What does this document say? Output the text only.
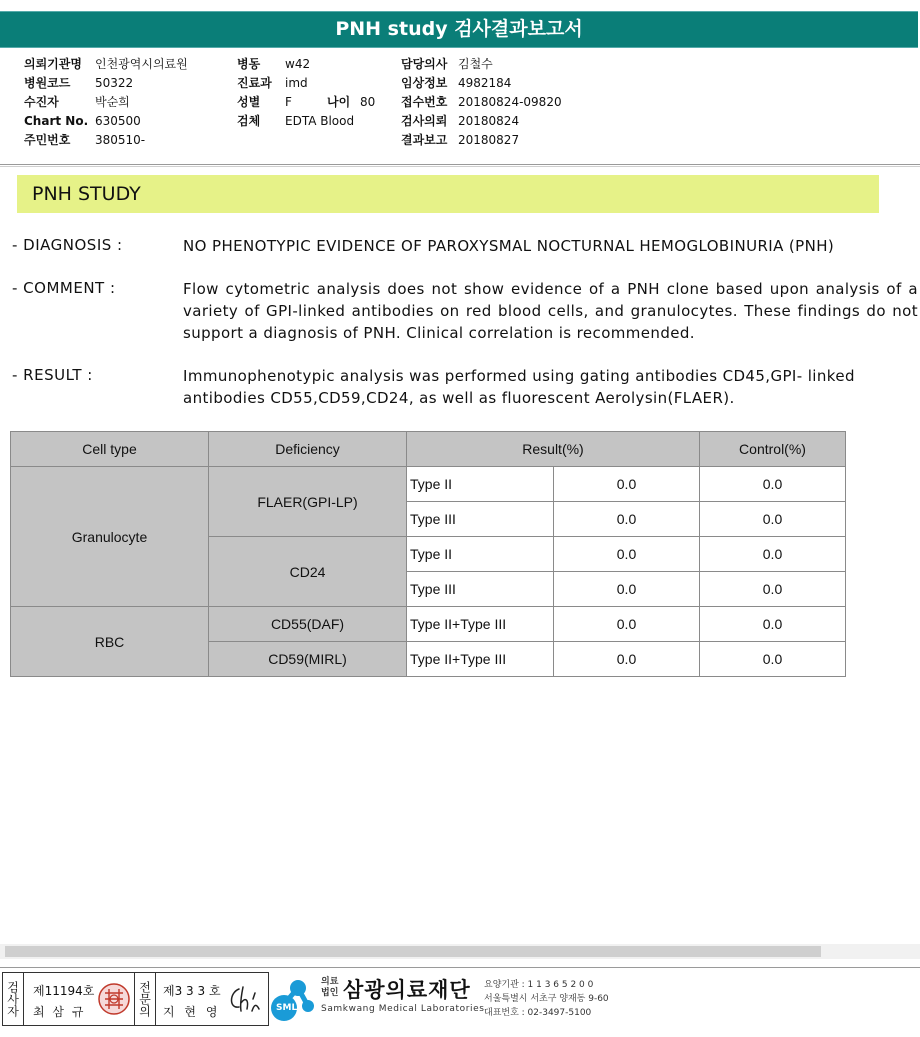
PNH study 검사결과보고서
의뢰기관명 인천광역시의료원
병원코드 50322
수진자	박순희
Chart No. 630500
주민번호 380510-
병동 w42
진료과 imd
성별 F	나이 80
검체 EDTA Blood
담당의사 김철수
임상정보 4982184
접수번호 20180824-09820
검사의뢰 20180824
결과보고 20180827
PNH STUDY
- DIAGNOSIS :	NO PHENOTYPIC EVIDENCE OF PAROXYSMAL NOCTURNAL HEMOGLOBINURIA (PNH)
- COMMENT :	Flow cytometric analysis does not show evidence of a PNH clone based upon analysis of a variety of GPI-linked antibodies on red blood cells, and granulocytes. These findings do not support a diagnosis of PNH. Clinical correlation is recommended.
- RESULT :	Immunophenotypic analysis was performed using gating antibodies CD45,GPI- linked antibodies CD55,CD59,CD24, as well as fluorescent Aerolysin(FLAER).
Cell type	Deficiency	Result(%)		Control(%)
Granulocyte	FLAER(GPI-LP)	Type II	0.0	0.0
		Type III	0.0	0.0
	CD24	Type II	0.0	0.0
		Type III	0.0	0.0
RBC	CD55(DAF)	Type II+Type III	0.0	0.0
	CD59(MIRL)	Type II+Type III	0.0	0.0
검사자	제11194호
최 삼 규	전문의 제3 3 3 호
지 현 영	SML
의료
법인 삼광의료재단
Samkwang Medical Laboratories
요양기관 : 1 1 3 6 5 2 0 0
서울특별시 서초구 양재동 9-60
대표번호 : 02-3497-5100
